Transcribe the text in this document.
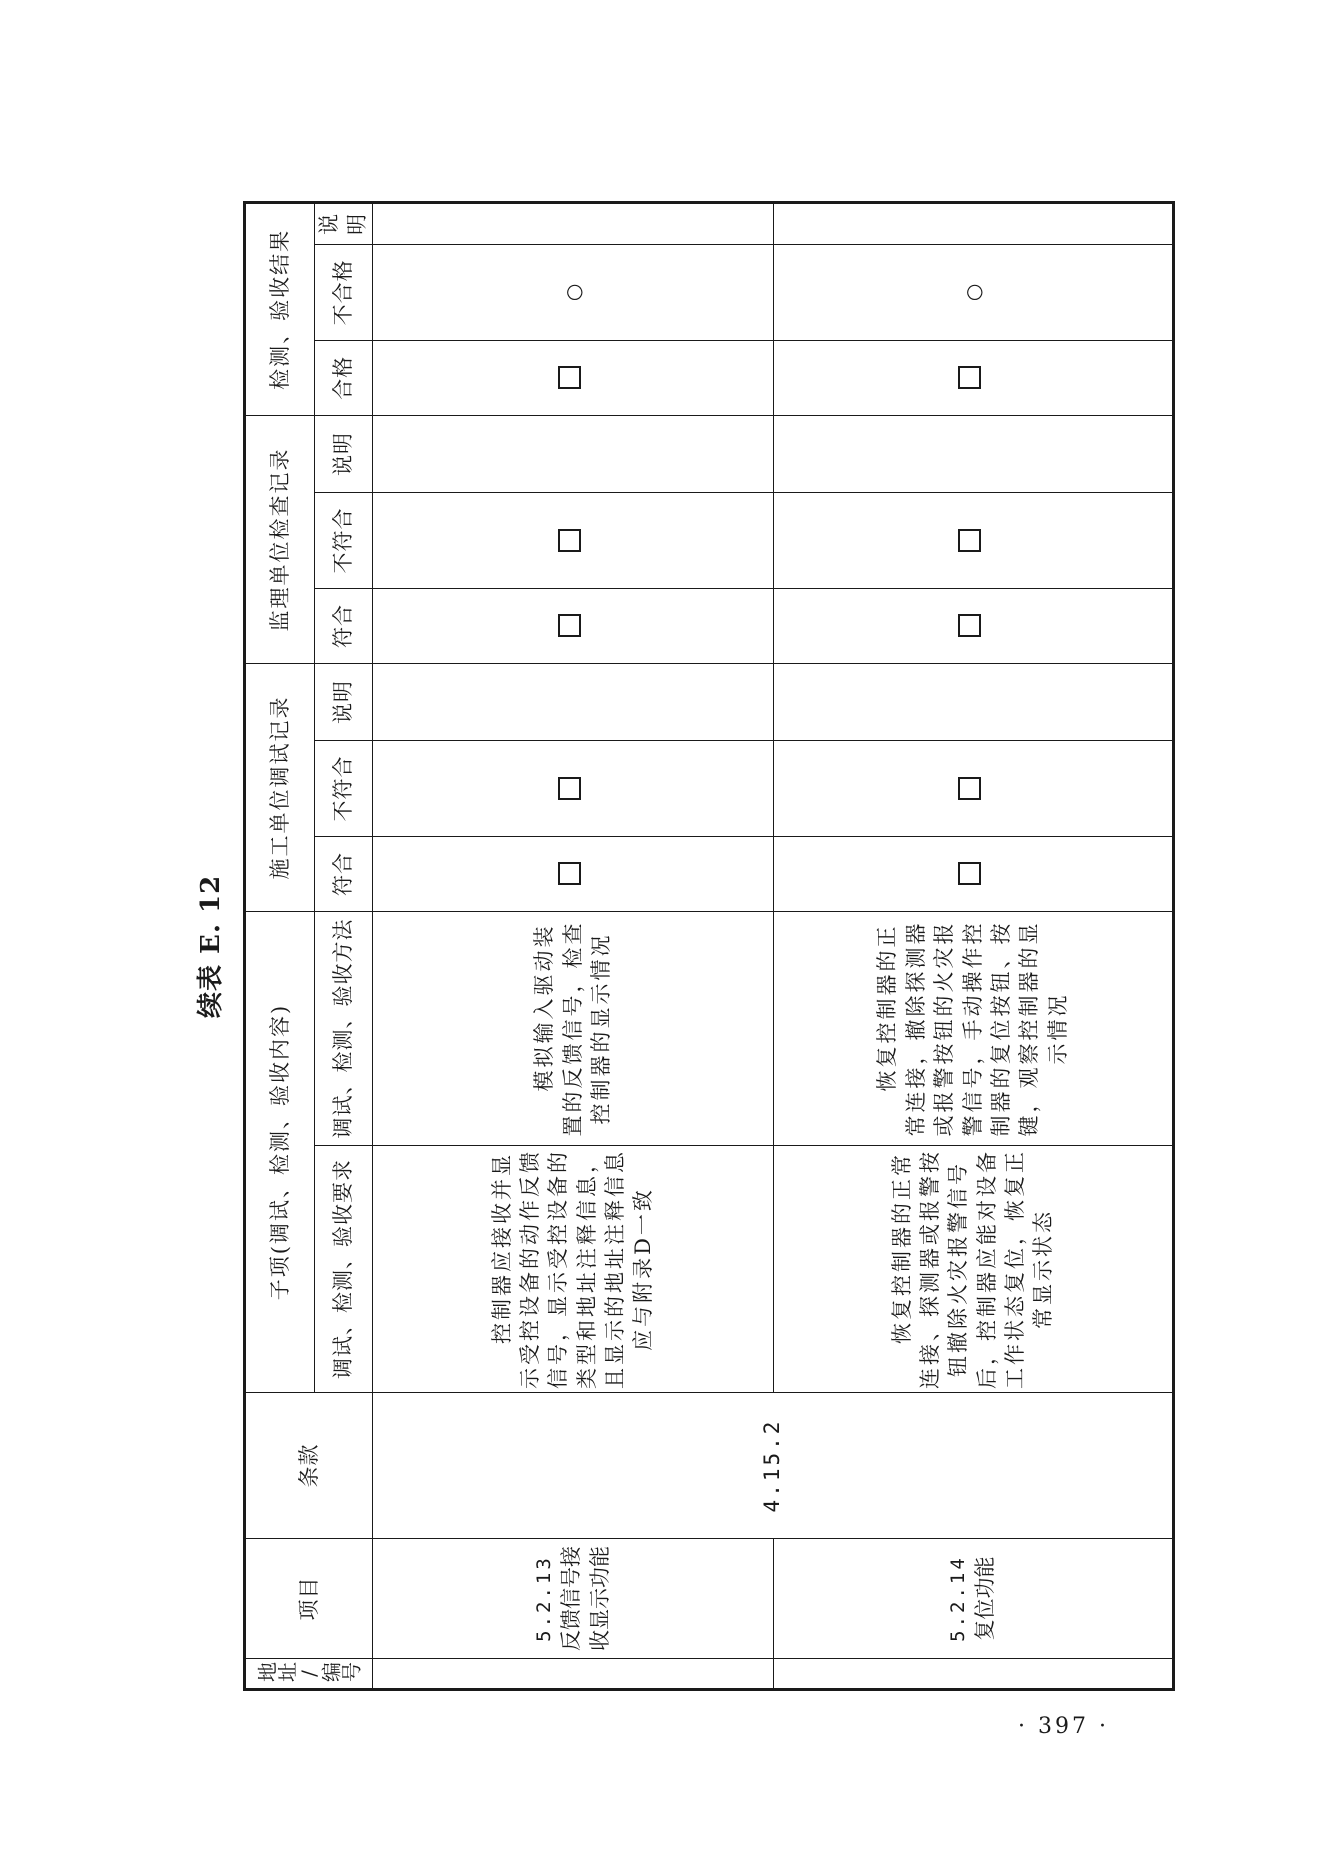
续表 E. 12
地址/编号	项目	条款	子项(调试、检测、验收内容)		施工单位调试记录			监理单位检查记录			检测、验收结果		
			调试、检测、验收要求	调试、检测、验收方法	符合	不符合	说明	符合	不符合	说明	合格	不合格	说明

	5.2.13 反馈信号接收显示功能	4.15.2	控制器应接收并显示受控设备的动作反馈信号，显示受控设备的类型和地址注释信息，且显示的地址注释信息应与附录D一致	模拟输入驱动装置的反馈信号，检查控制器的显示情况								○	

	5.2.14 复位功能		恢复控制器的正常连接、探测器或报警按钮撤除火灾报警信号后，控制器应能对设备工作状态复位，恢复正常显示状态	恢复控制器的正常连接，撤除探测器或报警按钮的火灾报警信号，手动操作控制器的复位按钮、按键，观察控制器的显示情况								○	
· 397 ·
